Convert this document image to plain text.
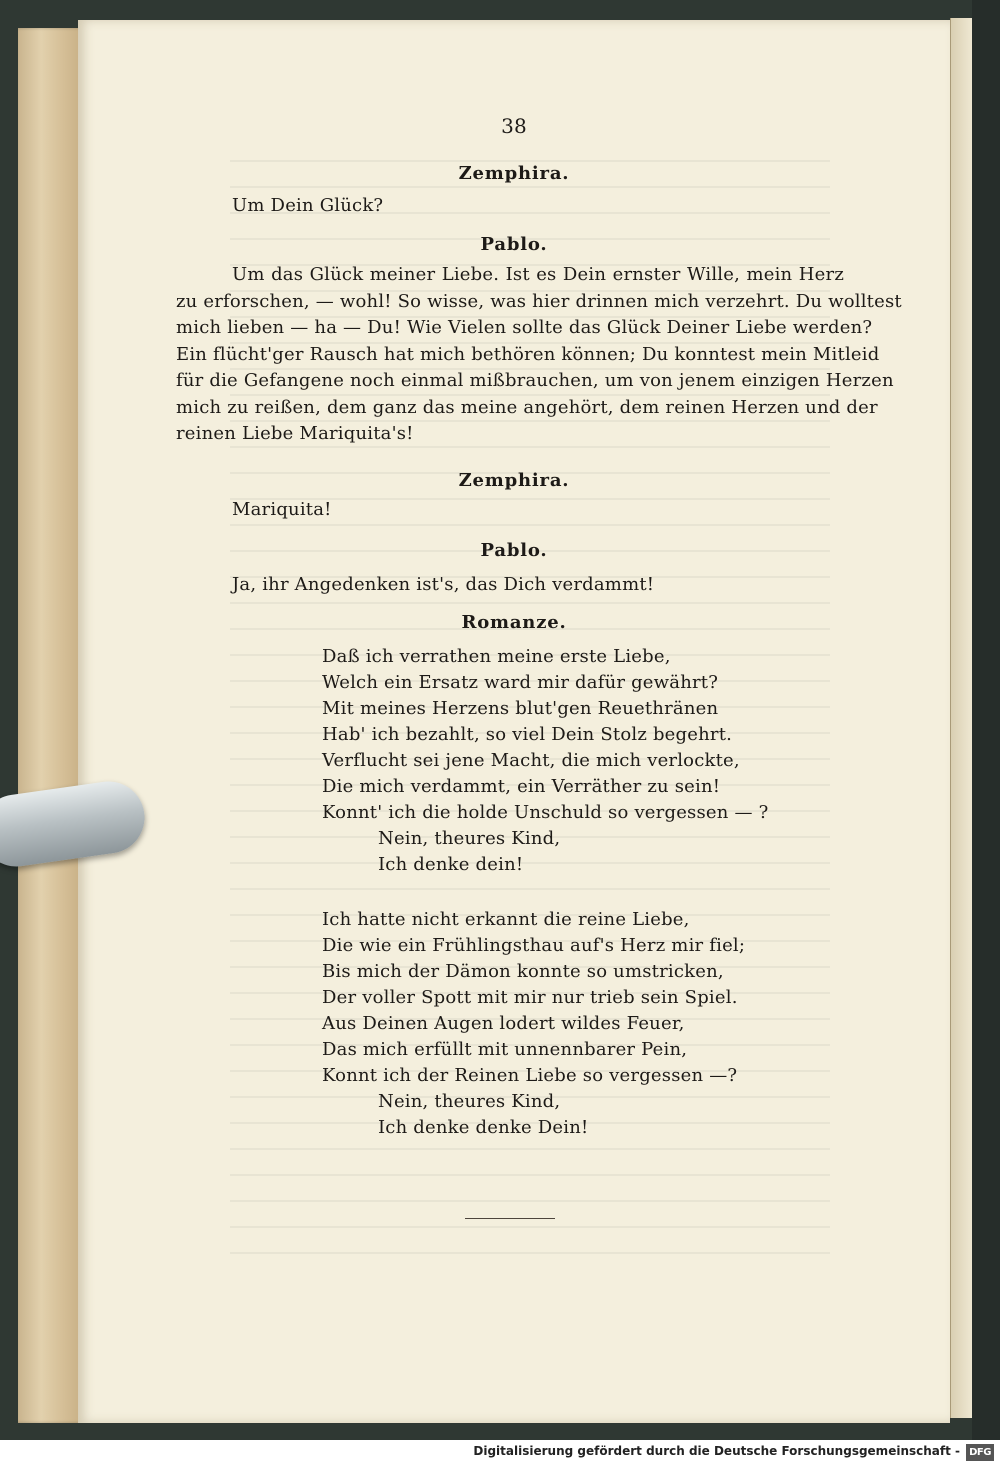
38
Zemphira.
Um Dein Glück?
Pablo.
Um das Glück meiner Liebe. Ist es Dein ernster Wille, mein Herz
zu erforschen, — wohl! So wisse, was hier drinnen mich verzehrt. Du wolltest
mich lieben — ha — Du! Wie Vielen sollte das Glück Deiner Liebe werden?
Ein flücht'ger Rausch hat mich bethören können; Du konntest mein Mitleid
für die Gefangene noch einmal mißbrauchen, um von jenem einzigen Herzen
mich zu reißen, dem ganz das meine angehört, dem reinen Herzen und der
reinen Liebe Mariquita's!
Zemphira.
Mariquita!
Pablo.
Ja, ihr Angedenken ist's, das Dich verdammt!
Romanze.
Daß ich verrathen meine erste Liebe,
Welch ein Ersatz ward mir dafür gewährt?
Mit meines Herzens blut'gen Reuethränen
Hab' ich bezahlt, so viel Dein Stolz begehrt.
Verflucht sei jene Macht, die mich verlockte,
Die mich verdammt, ein Verräther zu sein!
Konnt' ich die holde Unschuld so vergessen — ?
Nein, theures Kind,
Ich denke dein!
Ich hatte nicht erkannt die reine Liebe,
Die wie ein Frühlingsthau auf's Herz mir fiel;
Bis mich der Dämon konnte so umstricken,
Der voller Spott mit mir nur trieb sein Spiel.
Aus Deinen Augen lodert wildes Feuer,
Das mich erfüllt mit unnennbarer Pein,
Konnt ich der Reinen Liebe so vergessen —?
Nein, theures Kind,
Ich denke denke Dein!
Digitalisierung gefördert durch die Deutsche Forschungsgemeinschaft - DFG
